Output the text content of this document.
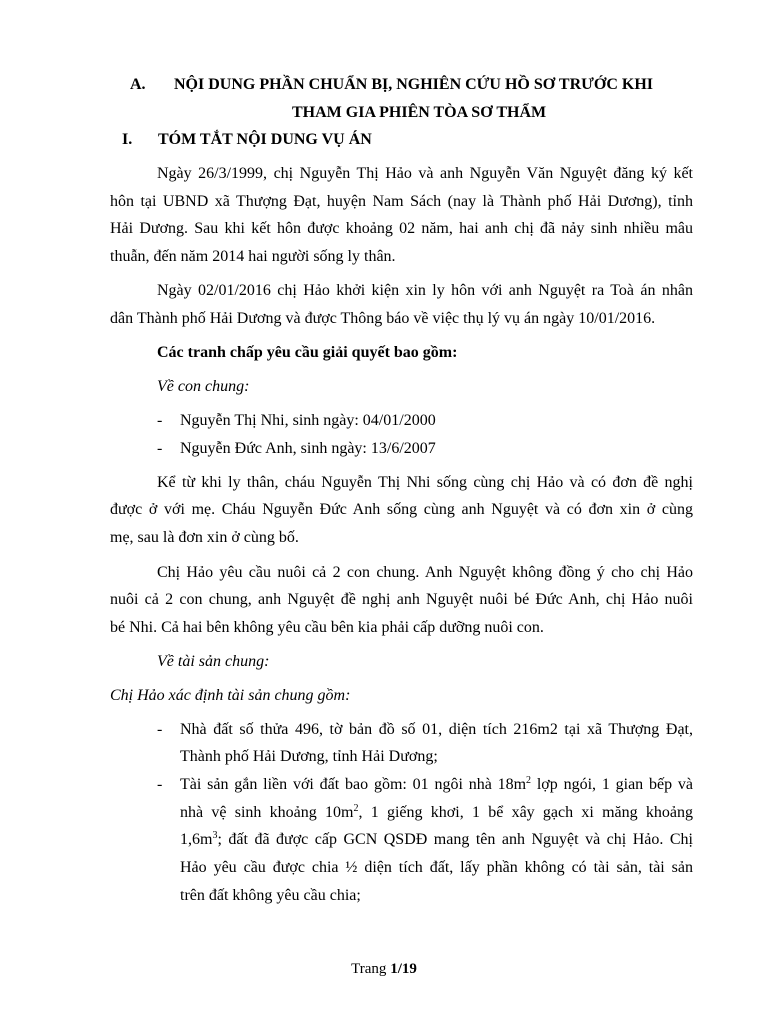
A. NỘI DUNG PHẦN CHUẨN BỊ, NGHIÊN CỨU HỒ SƠ TRƯỚC KHI
THAM GIA PHIÊN TÒA SƠ THẨM
I. TÓM TẮT NỘI DUNG VỤ ÁN
Ngày 26/3/1999, chị Nguyễn Thị Hảo và anh Nguyễn Văn Nguyệt đăng ký kết
hôn tại UBND xã Thượng Đạt, huyện Nam Sách (nay là Thành phố Hải Dương), tỉnh
Hải Dương. Sau khi kết hôn được khoảng 02 năm, hai anh chị đã nảy sinh nhiều mâu
thuẫn, đến năm 2014 hai người sống ly thân.
Ngày 02/01/2016 chị Hảo khởi kiện xin ly hôn với anh Nguyệt ra Toà án nhân
dân Thành phố Hải Dương và được Thông báo về việc thụ lý vụ án ngày 10/01/2016.
Các tranh chấp yêu cầu giải quyết bao gồm:
Về con chung:
- Nguyễn Thị Nhi, sinh ngày: 04/01/2000
- Nguyễn Đức Anh, sinh ngày: 13/6/2007
Kể từ khi ly thân, cháu Nguyễn Thị Nhi sống cùng chị Hảo và có đơn đề nghị
được ở với mẹ. Cháu Nguyễn Đức Anh sống cùng anh Nguyệt và có đơn xin ở cùng
mẹ, sau là đơn xin ở cùng bố.
Chị Hảo yêu cầu nuôi cả 2 con chung. Anh Nguyệt không đồng ý cho chị Hảo
nuôi cả 2 con chung, anh Nguyệt đề nghị anh Nguyệt nuôi bé Đức Anh, chị Hảo nuôi
bé Nhi. Cả hai bên không yêu cầu bên kia phải cấp dưỡng nuôi con.
Về tài sản chung:
Chị Hảo xác định tài sản chung gồm:
- Nhà đất số thửa 496, tờ bản đồ số 01, diện tích 216m2 tại xã Thượng Đạt,
Thành phố Hải Dương, tỉnh Hải Dương;
- Tài sản gắn liền với đất bao gồm: 01 ngôi nhà $18m^2$ lợp ngói, 1 gian bếp và
nhà vệ sinh khoảng $10m^2$, 1 giếng khơi, 1 bể xây gạch xi măng khoảng
$1,6m^3$; đất đã được cấp GCN QSDĐ mang tên anh Nguyệt và chị Hảo. Chị
Hảo yêu cầu được chia ½ diện tích đất, lấy phần không có tài sản, tài sản
trên đất không yêu cầu chia;
Trang 1/19
